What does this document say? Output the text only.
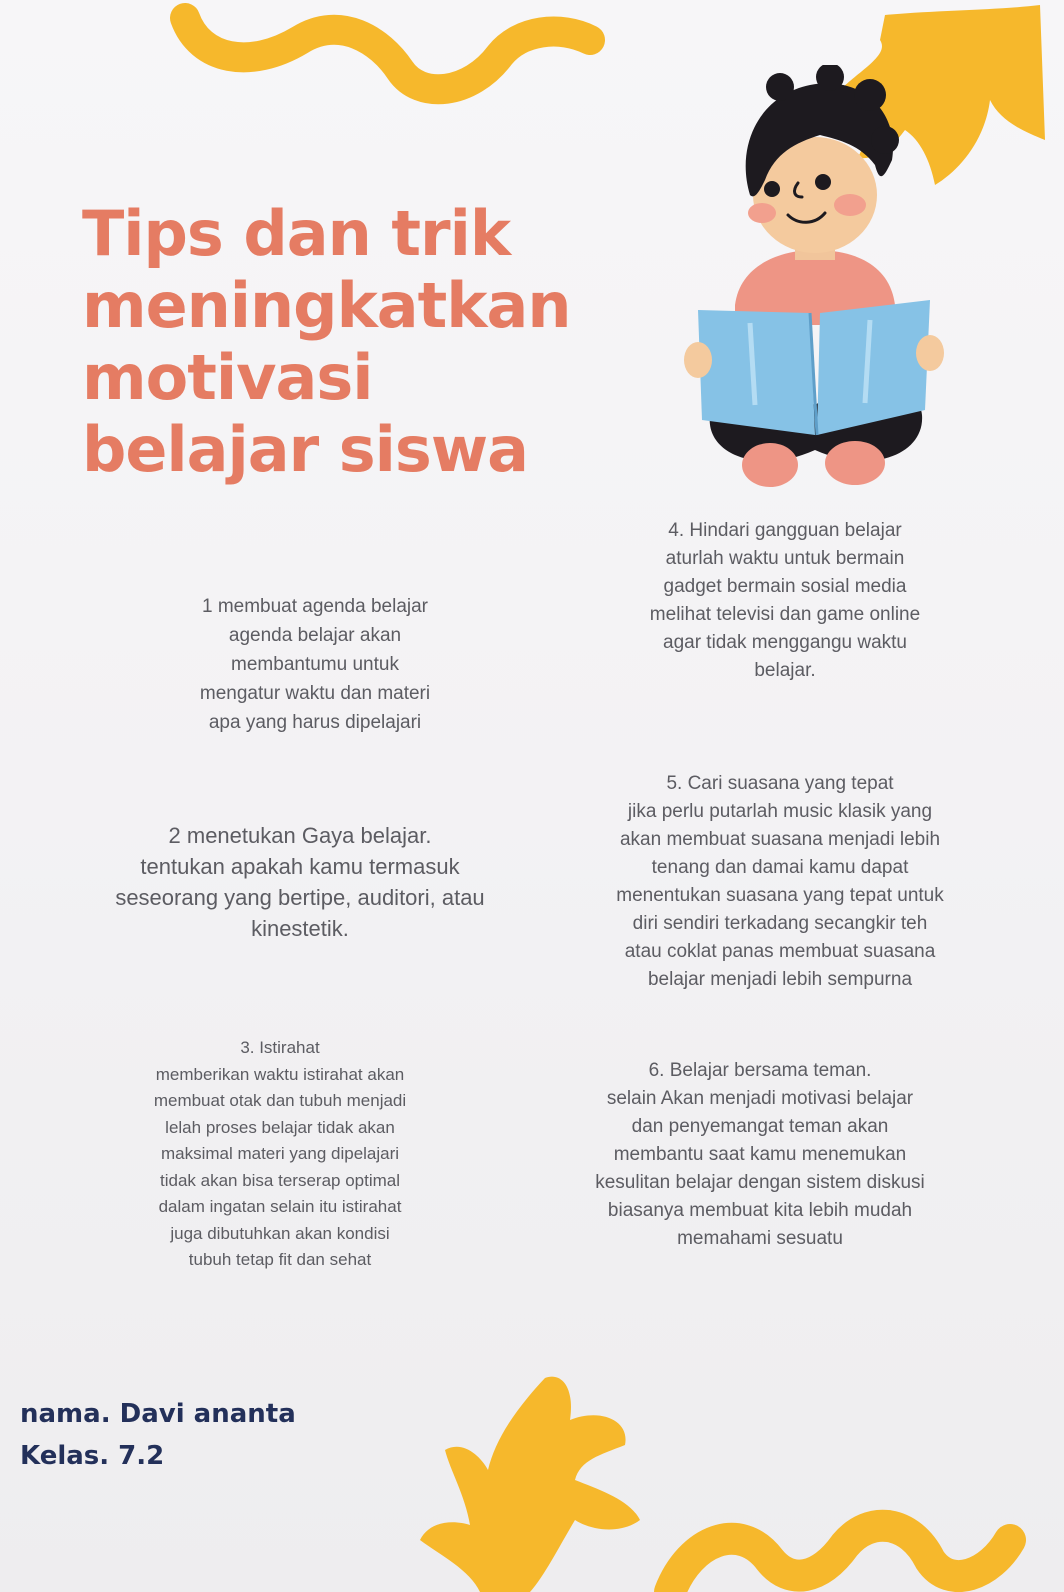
Tips dan trik
meningkatkan
motivasi
belajar siswa
1 membuat agenda belajar
agenda belajar akan
membantumu untuk
mengatur waktu dan materi
apa yang harus dipelajari
2 menetukan Gaya belajar.
tentukan apakah kamu termasuk
seseorang yang bertipe, auditori, atau
kinestetik.
3. Istirahat
memberikan waktu istirahat akan
membuat otak dan tubuh menjadi
lelah proses belajar tidak akan
maksimal materi yang dipelajari
tidak akan bisa terserap optimal
dalam ingatan selain itu istirahat
juga dibutuhkan akan kondisi
tubuh tetap fit dan sehat
4. Hindari gangguan belajar
aturlah waktu untuk bermain
gadget bermain sosial media
melihat televisi dan game online
agar tidak menggangu waktu
belajar.
5. Cari suasana yang tepat
jika perlu putarlah music klasik yang
akan membuat suasana menjadi lebih
tenang dan damai kamu dapat
menentukan suasana yang tepat untuk
diri sendiri terkadang secangkir teh
atau coklat panas membuat suasana
belajar menjadi lebih sempurna
6. Belajar bersama teman.
selain Akan menjadi motivasi belajar
dan penyemangat teman akan
membantu saat kamu menemukan
kesulitan belajar dengan sistem diskusi
biasanya membuat kita lebih mudah
memahami sesuatu
nama. Davi ananta
Kelas. 7.2
